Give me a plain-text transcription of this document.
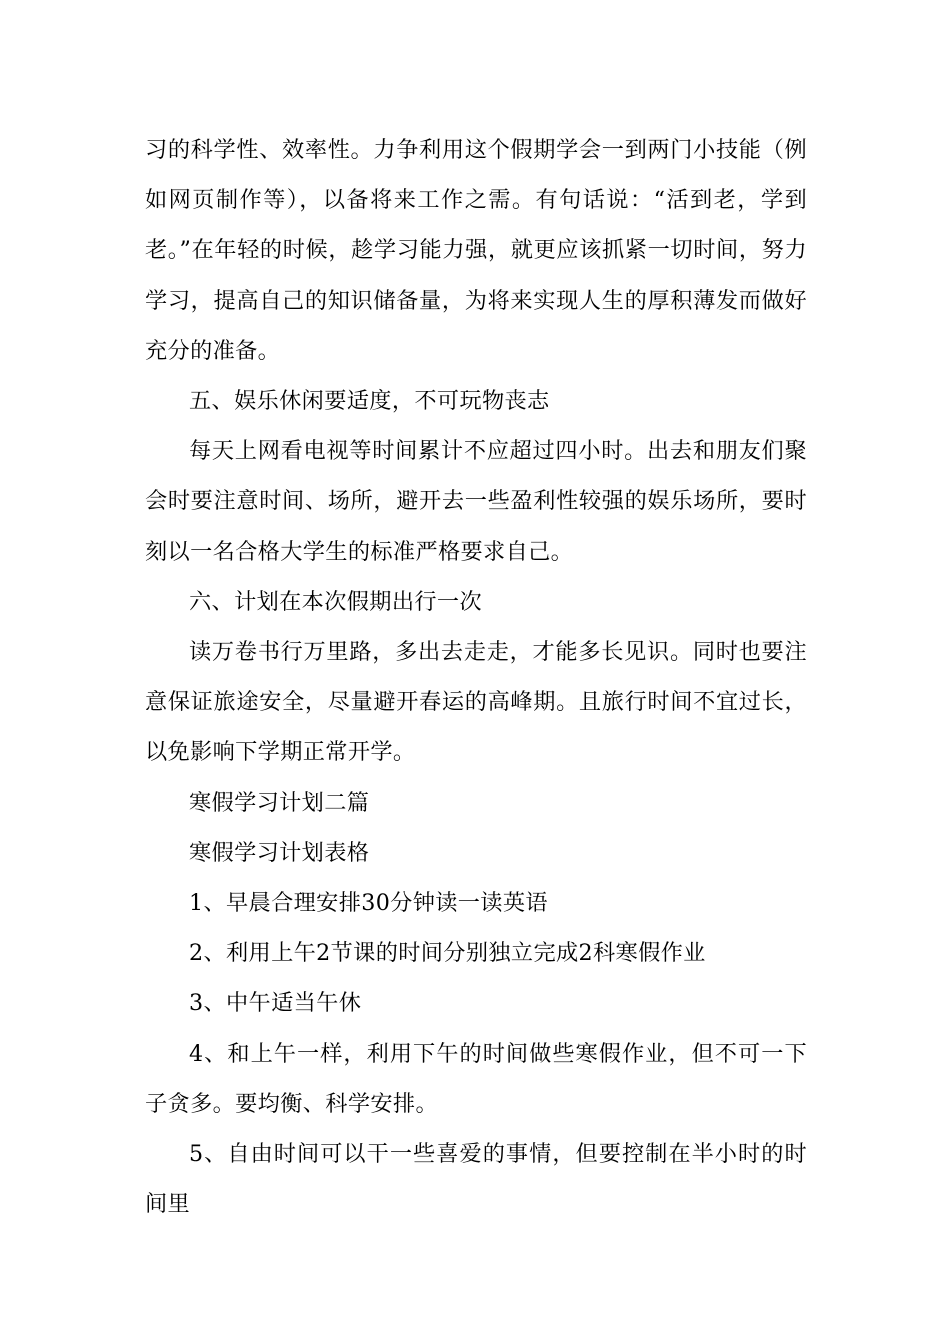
习的科学性、效率性。力争利用这个假期学会一到两门小技能（例如网页制作等），以备将来工作之需。有句话说：“活到老，学到老。”在年轻的时候，趁学习能力强，就更应该抓紧一切时间，努力学习，提高自己的知识储备量，为将来实现人生的厚积薄发而做好充分的准备。

五、娱乐休闲要适度，不可玩物丧志

每天上网看电视等时间累计不应超过四小时。出去和朋友们聚会时要注意时间、场所，避开去一些盈利性较强的娱乐场所，要时刻以一名合格大学生的标准严格要求自己。

六、计划在本次假期出行一次

读万卷书行万里路，多出去走走，才能多长见识。同时也要注意保证旅途安全，尽量避开春运的高峰期。且旅行时间不宜过长，以免影响下学期正常开学。

寒假学习计划二篇

寒假学习计划表格

1、早晨合理安排30分钟读一读英语

2、利用上午2节课的时间分别独立完成2科寒假作业

3、中午适当午休

4、和上午一样，利用下午的时间做些寒假作业，但不可一下子贪多。要均衡、科学安排。

5、自由时间可以干一些喜爱的事情，但要控制在半小时的时间里
